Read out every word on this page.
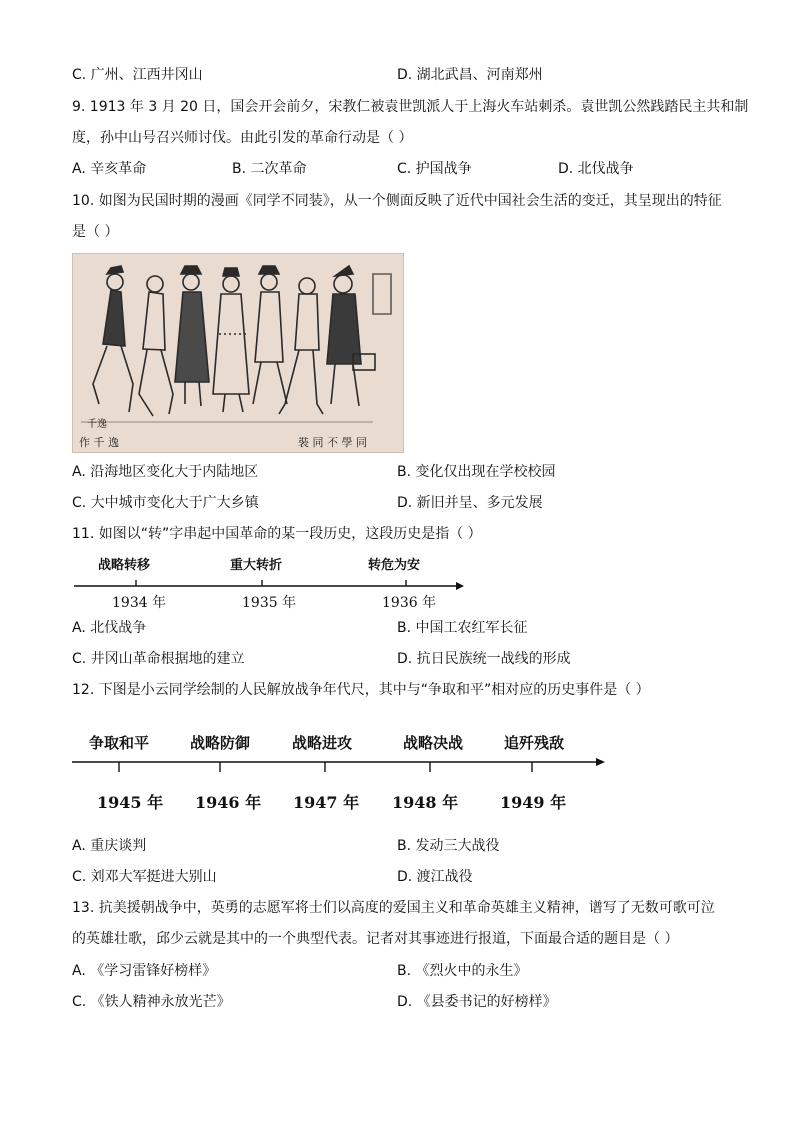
C. 广州、江西井冈山	D. 湖北武昌、河南郑州
9. 1913 年 3 月 20 日，国会开会前夕，宋教仁被袁世凯派人于上海火车站刺杀。袁世凯公然践踏民主共和制
度，孙中山号召兴师讨伐。由此引发的革命行动是（ ）
A. 辛亥革命	B. 二次革命	C. 护国战争	D. 北伐战争
10. 如图为民国时期的漫画《同学不同装》，从一个侧面反映了近代中国社会生活的变迁，其呈现出的特征
是（ ）
作 千 逸	裝 同 不 學 同
千逸
A. 沿海地区变化大于内陆地区	B. 变化仅出现在学校校园
C. 大中城市变化大于广大乡镇	D. 新旧并呈、多元发展
11. 如图以“转”字串起中国革命的某一段历史，这段历史是指（ ）
战略转移	重大转折	转危为安
1934 年	1935 年	1936 年
A. 北伐战争	B. 中国工农红军长征
C. 井冈山革命根据地的建立	D. 抗日民族统一战线的形成
12. 下图是小云同学绘制的人民解放战争年代尺，其中与“争取和平”相对应的历史事件是（ ）
争取和平	战略防御	战略进攻	战略决战	追歼残敌
1945 年 1946 年 1947 年 1948 年	1949 年
A. 重庆谈判	B. 发动三大战役
C. 刘邓大军挺进大别山	D. 渡江战役
13. 抗美援朝战争中，英勇的志愿军将士们以高度的爱国主义和革命英雄主义精神，谱写了无数可歌可泣
的英雄壮歌，邱少云就是其中的一个典型代表。记者对其事迹进行报道，下面最合适的题目是（ ）
A. 《学习雷锋好榜样》	B. 《烈火中的永生》
C. 《铁人精神永放光芒》	D. 《县委书记的好榜样》
